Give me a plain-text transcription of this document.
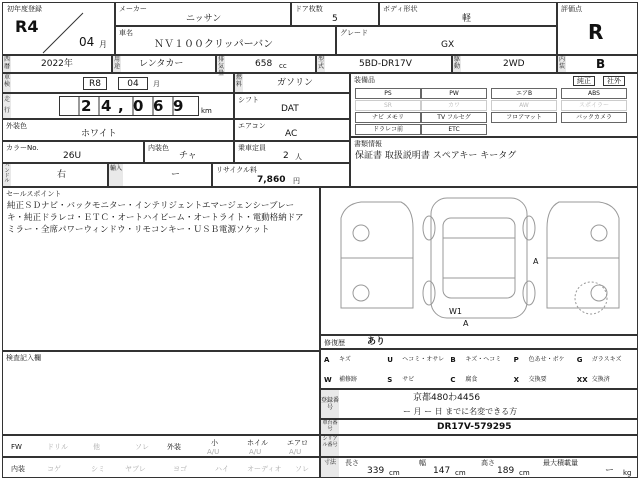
初年度登録
R4
04 月
メーカー
ニッサン
ドア枚数
5
ボディ形状
軽
評価点
R
車名
ＮＶ１００クリッパーバン
グレード
GX
西暦	2022年	用途 レンタカー	排気量
658 cc
型式	5BD-DR17V	駆動	2WD	内装	B
車検	R8	04	月
燃料	ガソリン
走行	2 4 , 0 6 9	km
シフト
DAT
外装色
ホワイト
エアコン
AC
カラーNo.
26U
内装色
チャ
乗車定員
2 人
ハンドル
右
輸入
ー	リサイクル料
7,860 円
装備品	純正	社外
PS	PW	エアB	ABS
SR	カワ	AW	スポイラー
ナビ メモリ	TV フルセグ	フロアマット	バックカメラ
ドラレコ前	ETC
書類情報
保証書 取扱説明書 スペアキー キータグ
セールスポイント
純正ＳＤナビ・バックモニター・インテリジェントエマージェンシーブレーキ・純正ドラレコ・ＥＴＣ・オートハイビーム・オートライト・電動格納ドアミラー・全席パワーウィンドウ・リモコンキー・ＵＳＢ電源ソケット
検査記入欄
A
W1
A
修復歴 あり
A キズ	U ヘコミ・オサレ B キズ・ヘコミ P 色あせ・ボケ G ガラスキズ
W 補修跡	S サビ	C 腐食	X 交換要	XX 交換済
登録番号
京都480わ4456
ー 月 ー 日 までに名変できる方
車台番号	DR17V-579295
FW	ドリル	他	ソレ	外装	小
A/U
ホイル
A/U
エアロ
A/U
内装	コゲ	シミ	ヤブレ	ヨゴ	ハイ	オーディオ ソレ
シリアル番号
寸法	長さ
339 cm
幅
147 cm
高さ
189 cm
最大積載量
ー kg
